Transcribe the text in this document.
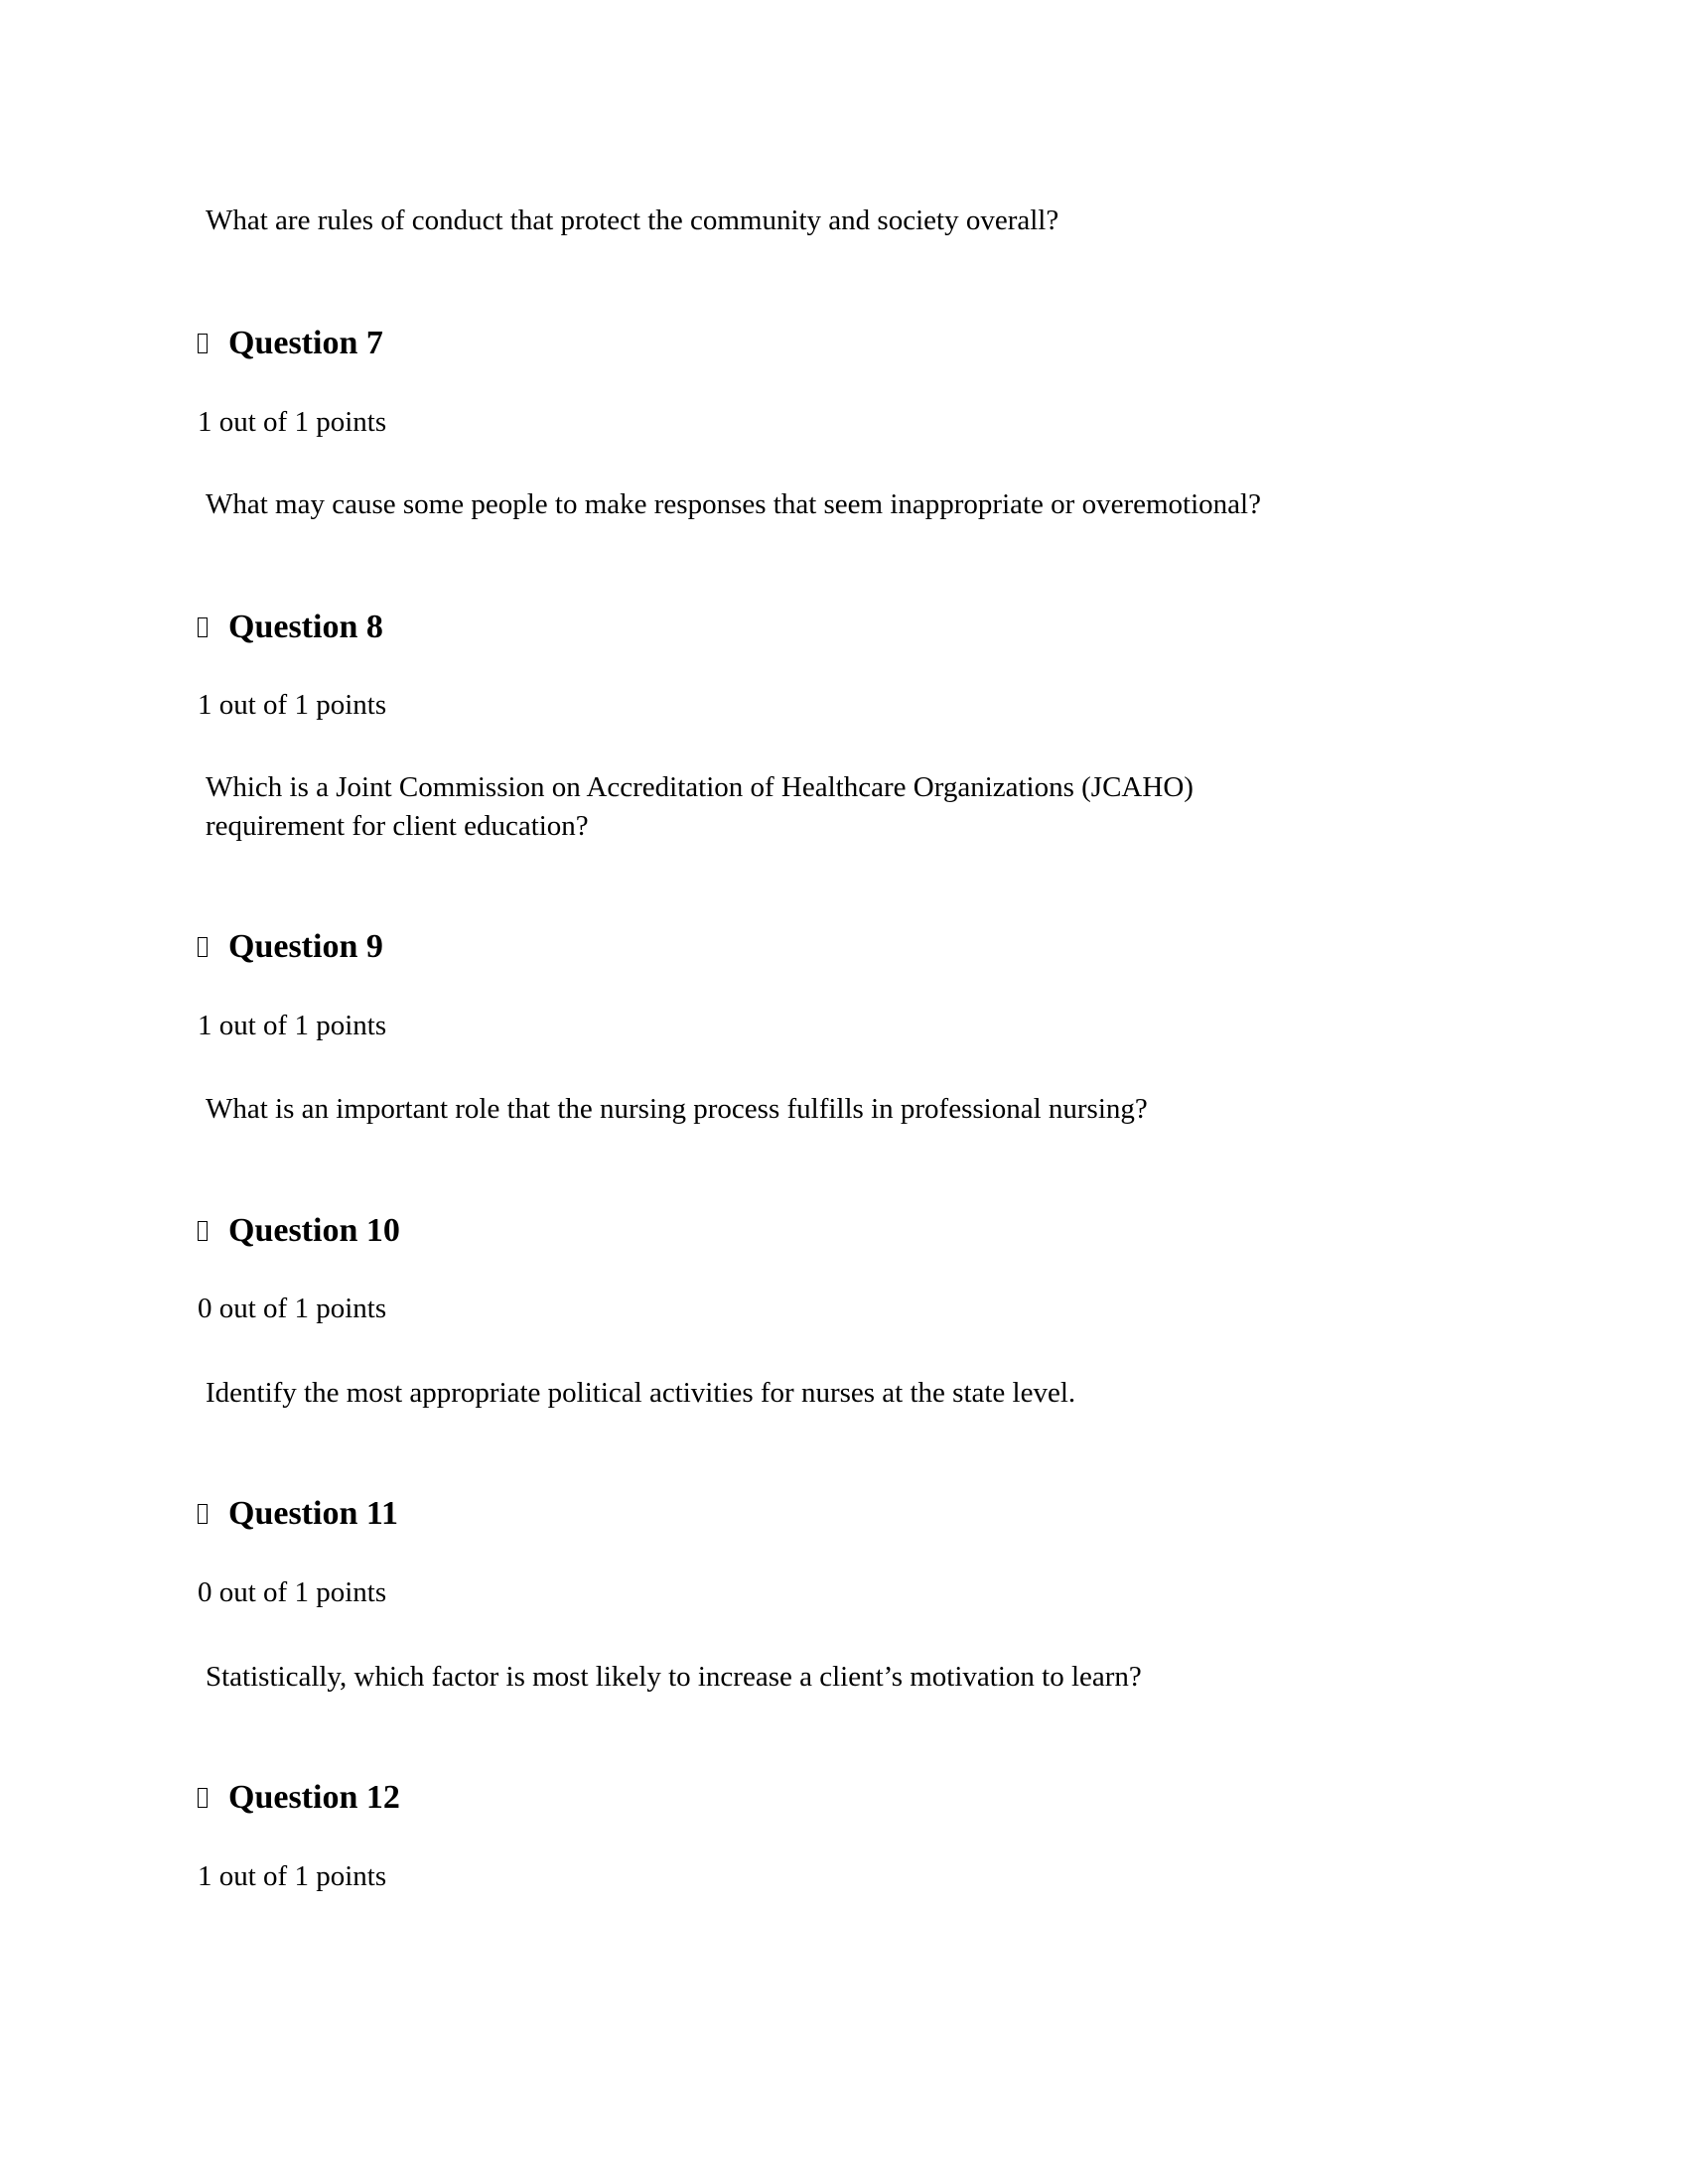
What are rules of conduct that protect the community and society overall?
Question 7
1 out of 1 points
What may cause some people to make responses that seem inappropriate or overemotional?
Question 8
1 out of 1 points
Which is a Joint Commission on Accreditation of Healthcare Organizations (JCAHO)
requirement for client education?
Question 9
1 out of 1 points
What is an important role that the nursing process fulfills in professional nursing?
Question 10
0 out of 1 points
Identify the most appropriate political activities for nurses at the state level.
Question 11
0 out of 1 points
Statistically, which factor is most likely to increase a client’s motivation to learn?
Question 12
1 out of 1 points
